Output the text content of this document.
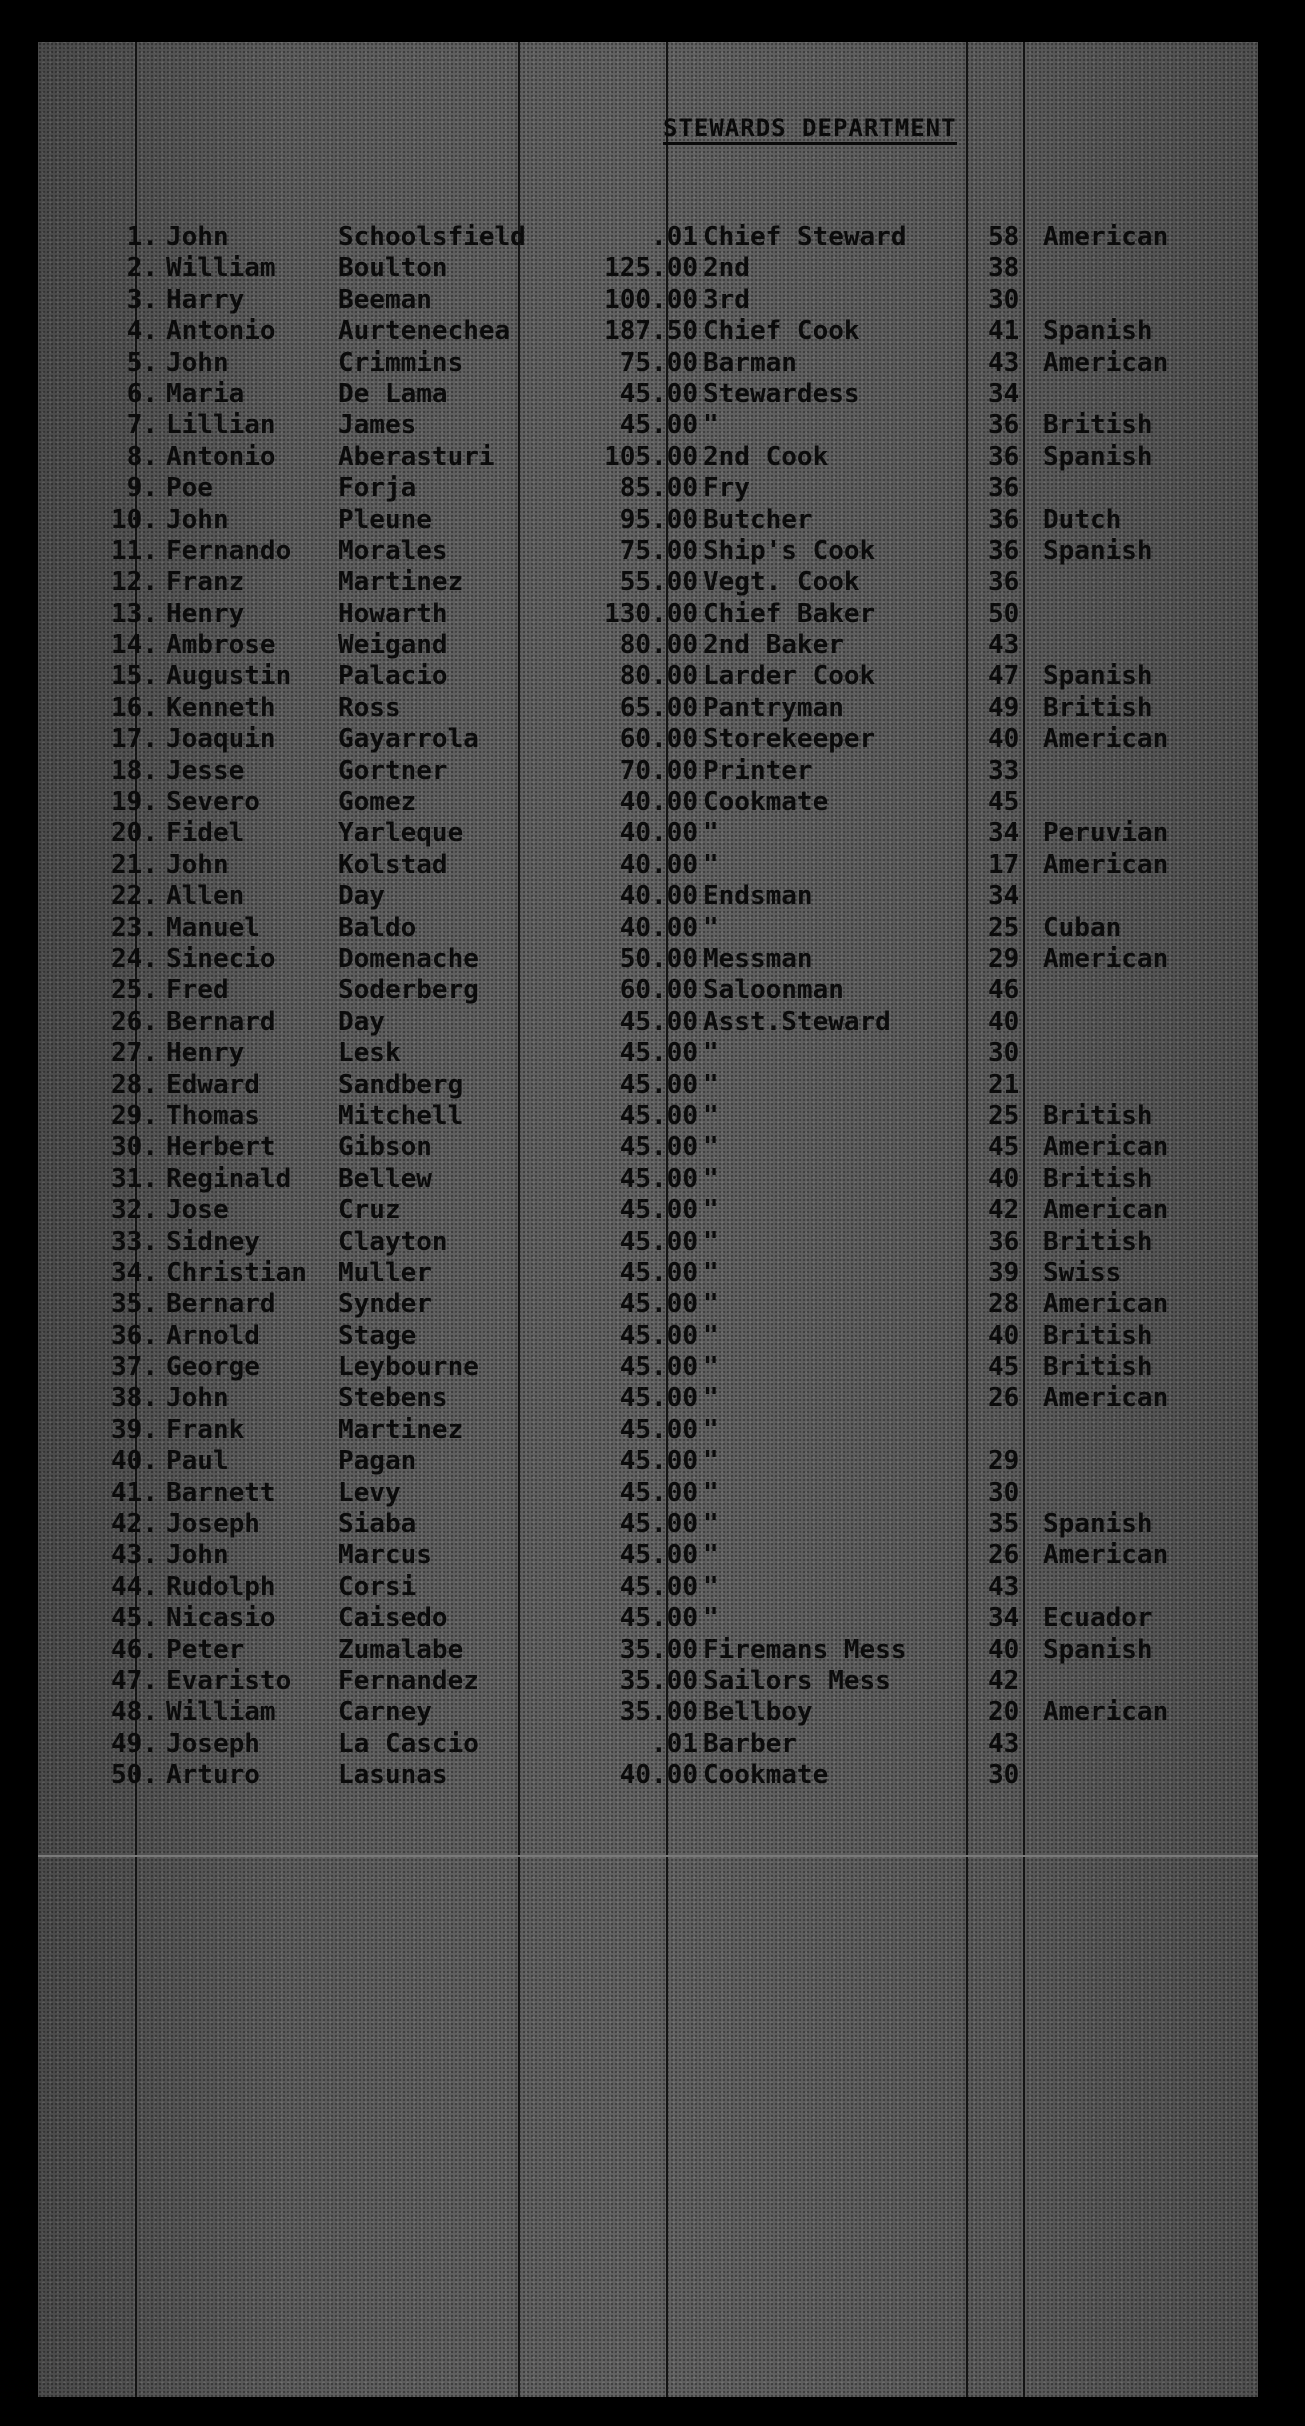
STEWARDS DEPARTMENT
1. John	Schoolsfield	.01 Chief Steward	58 American
2. William Boulton	125.00 2nd	38
3. Harry	Beeman	100.00 3rd	30
4. Antonio Aurtenechea	187.50 Chief Cook	41 Spanish
5. John	Crimmins	75.00 Barman	43 American
6. Maria	De Lama	45.00 Stewardess	34
7. Lillian James	45.00 "	36 British
8. Antonio Aberasturi	105.00 2nd Cook	36 Spanish
9. Poe	Forja	85.00 Fry	36
10. John	Pleune	95.00 Butcher	36 Dutch
11. Fernando Morales	75.00 Ship's Cook	36 Spanish
12. Franz	Martinez	55.00 Vegt. Cook	36
13. Henry	Howarth	130.00 Chief Baker	50
14. Ambrose Weigand	80.00 2nd Baker	43
15. Augustin Palacio	80.00 Larder Cook	47 Spanish
16. Kenneth Ross	65.00 Pantryman	49 British
17. Joaquin Gayarrola	60.00 Storekeeper	40 American
18. Jesse	Gortner	70.00 Printer	33
19. Severo	Gomez	40.00 Cookmate	45
20. Fidel	Yarleque	40.00 "	34 Peruvian
21. John	Kolstad	40.00 "	17 American
22. Allen	Day	40.00 Endsman	34
23. Manuel	Baldo	40.00 "	25 Cuban
24. Sinecio Domenache	50.00 Messman	29 American
25. Fred	Soderberg	60.00 Saloonman	46
26. Bernard Day	45.00 Asst.Steward	40
27. Henry	Lesk	45.00 "	30
28. Edward	Sandberg	45.00 "	21
29. Thomas	Mitchell	45.00 "	25 British
30. Herbert Gibson	45.00 "	45 American
31. Reginald Bellew	45.00 "	40 British
32. Jose	Cruz	45.00 "	42 American
33. Sidney	Clayton	45.00 "	36 British
34. Christian Muller	45.00 "	39 Swiss
35. Bernard Synder	45.00 "	28 American
36. Arnold	Stage	45.00 "	40 British
37. George	Leybourne	45.00 "	45 British
38. John	Stebens	45.00 "	26 American
39. Frank	Martinez	45.00 "
40. Paul	Pagan	45.00 "	29
41. Barnett Levy	45.00 "	30
42. Joseph	Siaba	45.00 "	35 Spanish
43. John	Marcus	45.00 "	26 American
44. Rudolph Corsi	45.00 "	43
45. Nicasio Caisedo	45.00 "	34 Ecuador
46. Peter	Zumalabe	35.00 Firemans Mess	40 Spanish
47. Evaristo Fernandez	35.00 Sailors Mess	42
48. William Carney	35.00 Bellboy	20 American
49. Joseph	La Cascio	.01 Barber	43
50. Arturo	Lasunas	40.00 Cookmate	30
